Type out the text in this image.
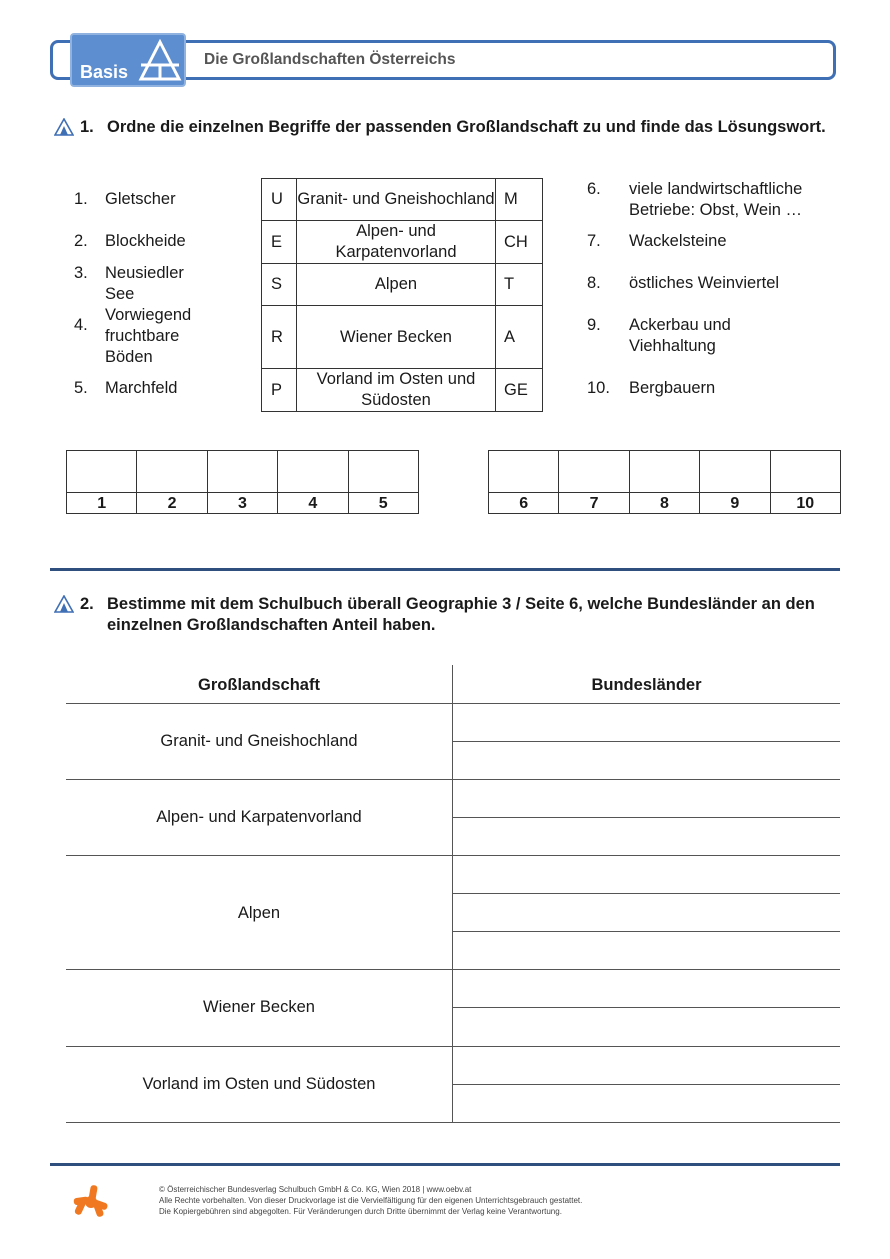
Basis
Die Großlandschaften Österreichs
1. Ordne die einzelnen Begriffe der passenden Großlandschaft zu und finde das Lösungswort.
1. Gletscher
2. Blockheide
3. Neusiedler See
4.
Vorwiegend fruchtbare Böden
5. Marchfeld
U	Granit- und Gneishochland	M
E	Alpen- und Karpatenvorland	CH
S	Alpen	T
R	Wiener Becken	A
P	Vorland im Osten und Südosten	GE
6. viele landwirtschaftliche Betriebe: Obst, Wein …
7. Wackelsteine
8. östliches Weinviertel
9. Ackerbau und Viehhaltung
10. Bergbauern

1	2	3	4	5
					6	7	8	9	10
2. Bestimme mit dem Schulbuch überall Geographie 3 / Seite 6, welche Bundesländer an den einzelnen Großlandschaften Anteil haben.
Großlandschaft	Bundesländer
Granit- und Gneishochland
Alpen- und Karpatenvorland
Alpen
Wiener Becken
Vorland im Osten und Südosten
© Österreichischer Bundesverlag Schulbuch GmbH & Co. KG, Wien 2018 | www.oebv.at
Alle Rechte vorbehalten. Von dieser Druckvorlage ist die Vervielfältigung für den eigenen Unterrichtsgebrauch gestattet.
Die Kopiergebühren sind abgegolten. Für Veränderungen durch Dritte übernimmt der Verlag keine Verantwortung.
